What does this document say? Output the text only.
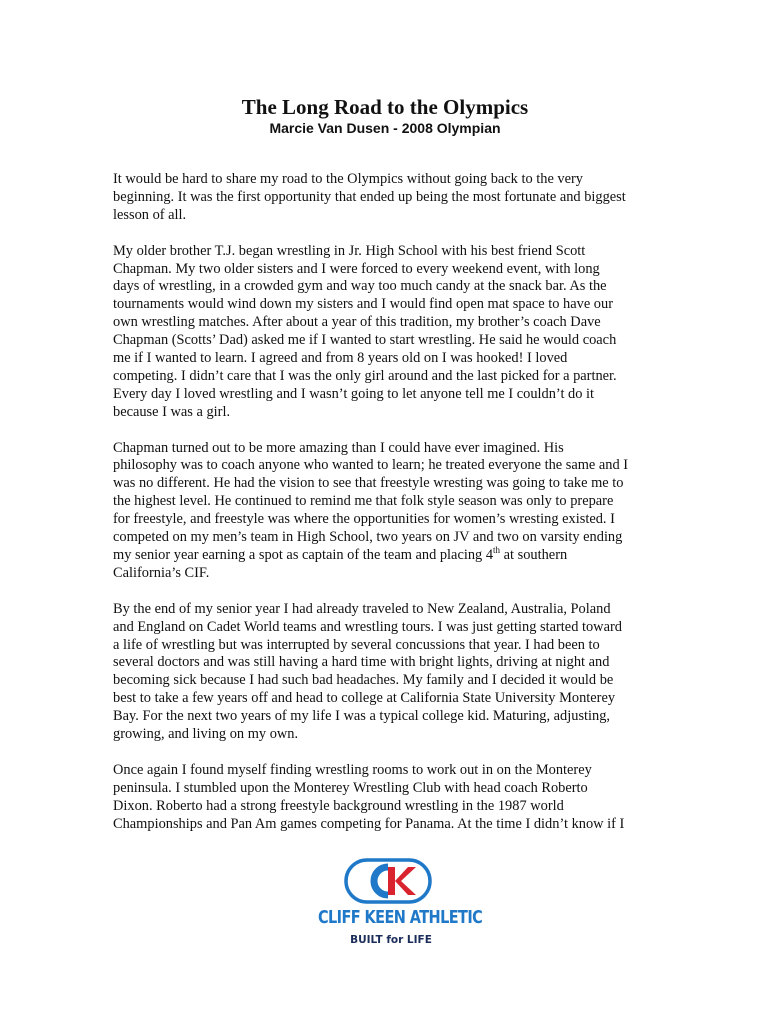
The Long Road to the Olympics
Marcie Van Dusen - 2008 Olympian

It would be hard to share my road to the Olympics without going back to the very
beginning. It was the first opportunity that ended up being the most fortunate and biggest
lesson of all.

My older brother T.J. began wrestling in Jr. High School with his best friend Scott
Chapman. My two older sisters and I were forced to every weekend event, with long
days of wrestling, in a crowded gym and way too much candy at the snack bar. As the
tournaments would wind down my sisters and I would find open mat space to have our
own wrestling matches. After about a year of this tradition, my brother’s coach Dave
Chapman (Scotts’ Dad) asked me if I wanted to start wrestling. He said he would coach
me if I wanted to learn. I agreed and from 8 years old on I was hooked! I loved
competing. I didn’t care that I was the only girl around and the last picked for a partner.
Every day I loved wrestling and I wasn’t going to let anyone tell me I couldn’t do it
because I was a girl.

Chapman turned out to be more amazing than I could have ever imagined. His
philosophy was to coach anyone who wanted to learn; he treated everyone the same and I
was no different. He had the vision to see that freestyle wresting was going to take me to
the highest level. He continued to remind me that folk style season was only to prepare
for freestyle, and freestyle was where the opportunities for women’s wresting existed. I
competed on my men’s team in High School, two years on JV and two on varsity ending
my senior year earning a spot as captain of the team and placing 4th at southern
California’s CIF.

By the end of my senior year I had already traveled to New Zealand, Australia, Poland
and England on Cadet World teams and wrestling tours. I was just getting started toward
a life of wrestling but was interrupted by several concussions that year. I had been to
several doctors and was still having a hard time with bright lights, driving at night and
becoming sick because I had such bad headaches. My family and I decided it would be
best to take a few years off and head to college at California State University Monterey
Bay. For the next two years of my life I was a typical college kid. Maturing, adjusting,
growing, and living on my own.

Once again I found myself finding wrestling rooms to work out in on the Monterey
peninsula. I stumbled upon the Monterey Wrestling Club with head coach Roberto
Dixon. Roberto had a strong freestyle background wrestling in the 1987 world
Championships and Pan Am games competing for Panama. At the time I didn’t know if I

CLIFF KEEN ATHLETIC
BUILT for LIFE
